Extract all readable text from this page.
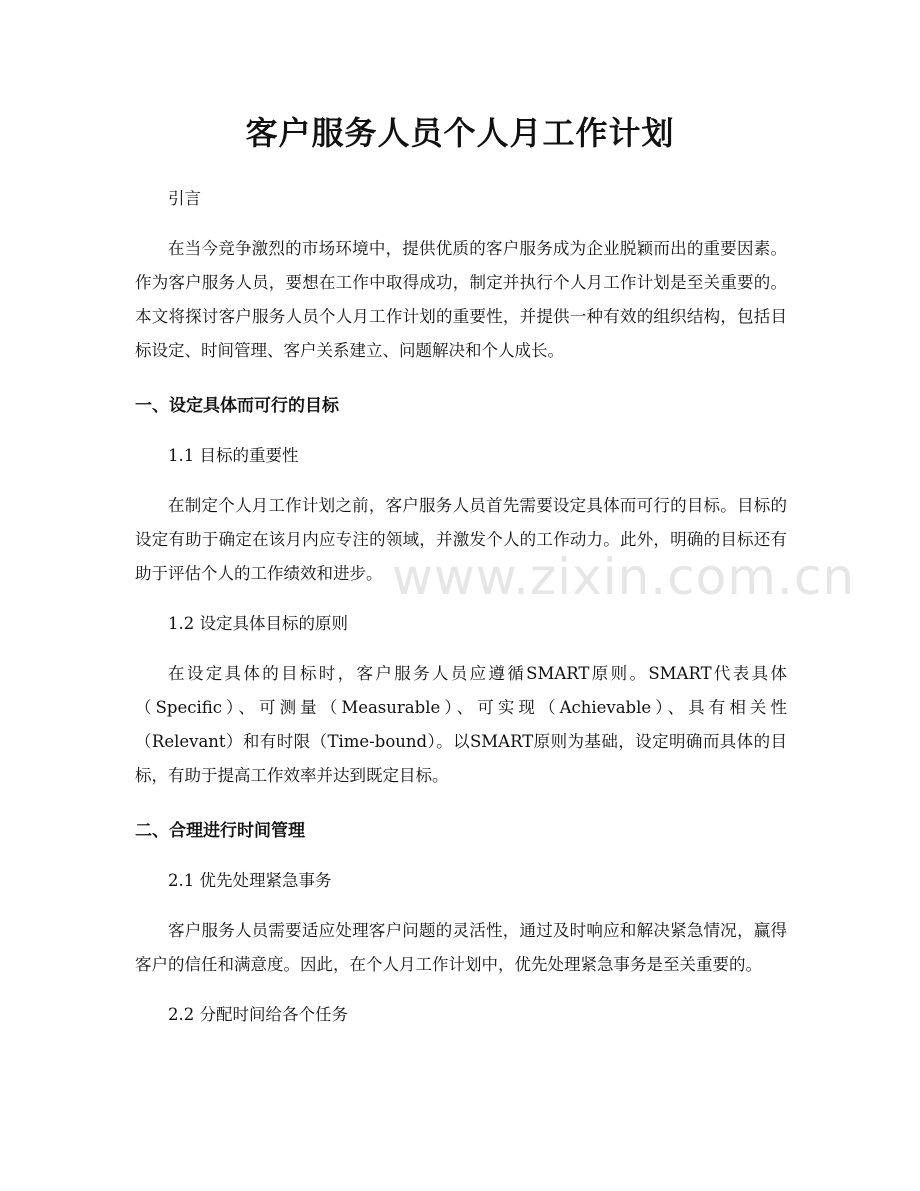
客户服务人员个人月工作计划

引言

在当今竞争激烈的市场环境中，提供优质的客户服务成为企业脱颖而出的重要因素。作为客户服务人员，要想在工作中取得成功，制定并执行个人月工作计划是至关重要的。本文将探讨客户服务人员个人月工作计划的重要性，并提供一种有效的组织结构，包括目标设定、时间管理、客户关系建立、问题解决和个人成长。

一、设定具体而可行的目标

1.1 目标的重要性

在制定个人月工作计划之前，客户服务人员首先需要设定具体而可行的目标。目标的设定有助于确定在该月内应专注的领域，并激发个人的工作动力。此外，明确的目标还有助于评估个人的工作绩效和进步。

1.2 设定具体目标的原则

在设定具体的目标时，客户服务人员应遵循SMART原则。SMART代表具体（Specific）、可测量（Measurable）、可实现（Achievable）、具有相关性（Relevant）和有时限（Time-bound）。以SMART原则为基础，设定明确而具体的目标，有助于提高工作效率并达到既定目标。

二、合理进行时间管理

2.1 优先处理紧急事务

客户服务人员需要适应处理客户问题的灵活性，通过及时响应和解决紧急情况，赢得客户的信任和满意度。因此，在个人月工作计划中，优先处理紧急事务是至关重要的。

2.2 分配时间给各个任务

www.zixin.com.cn
